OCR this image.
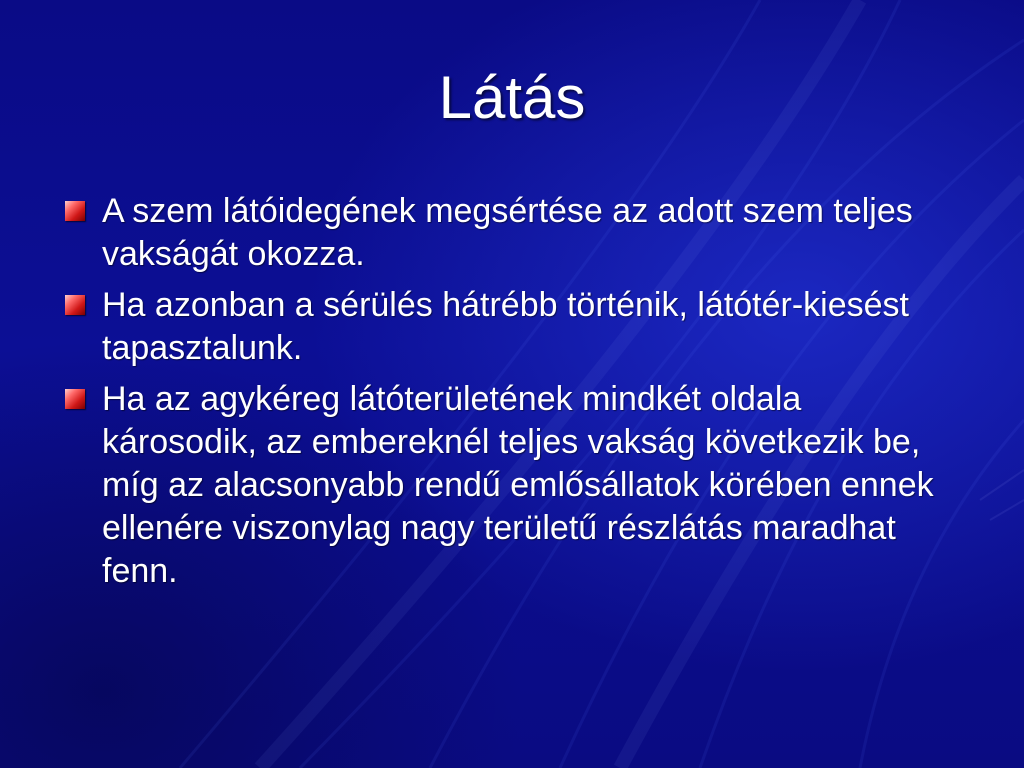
Látás
A szem látóidegének megsértése az adott szem teljes vakságát okozza.
Ha azonban a sérülés hátrébb történik, látótér-kiesést tapasztalunk.
Ha az agykéreg látóterületének mindkét oldala károsodik, az embereknél teljes vakság következik be, míg az alacsonyabb rendű emlősállatok körében ennek ellenére viszonylag nagy területű részlátás maradhat fenn.
